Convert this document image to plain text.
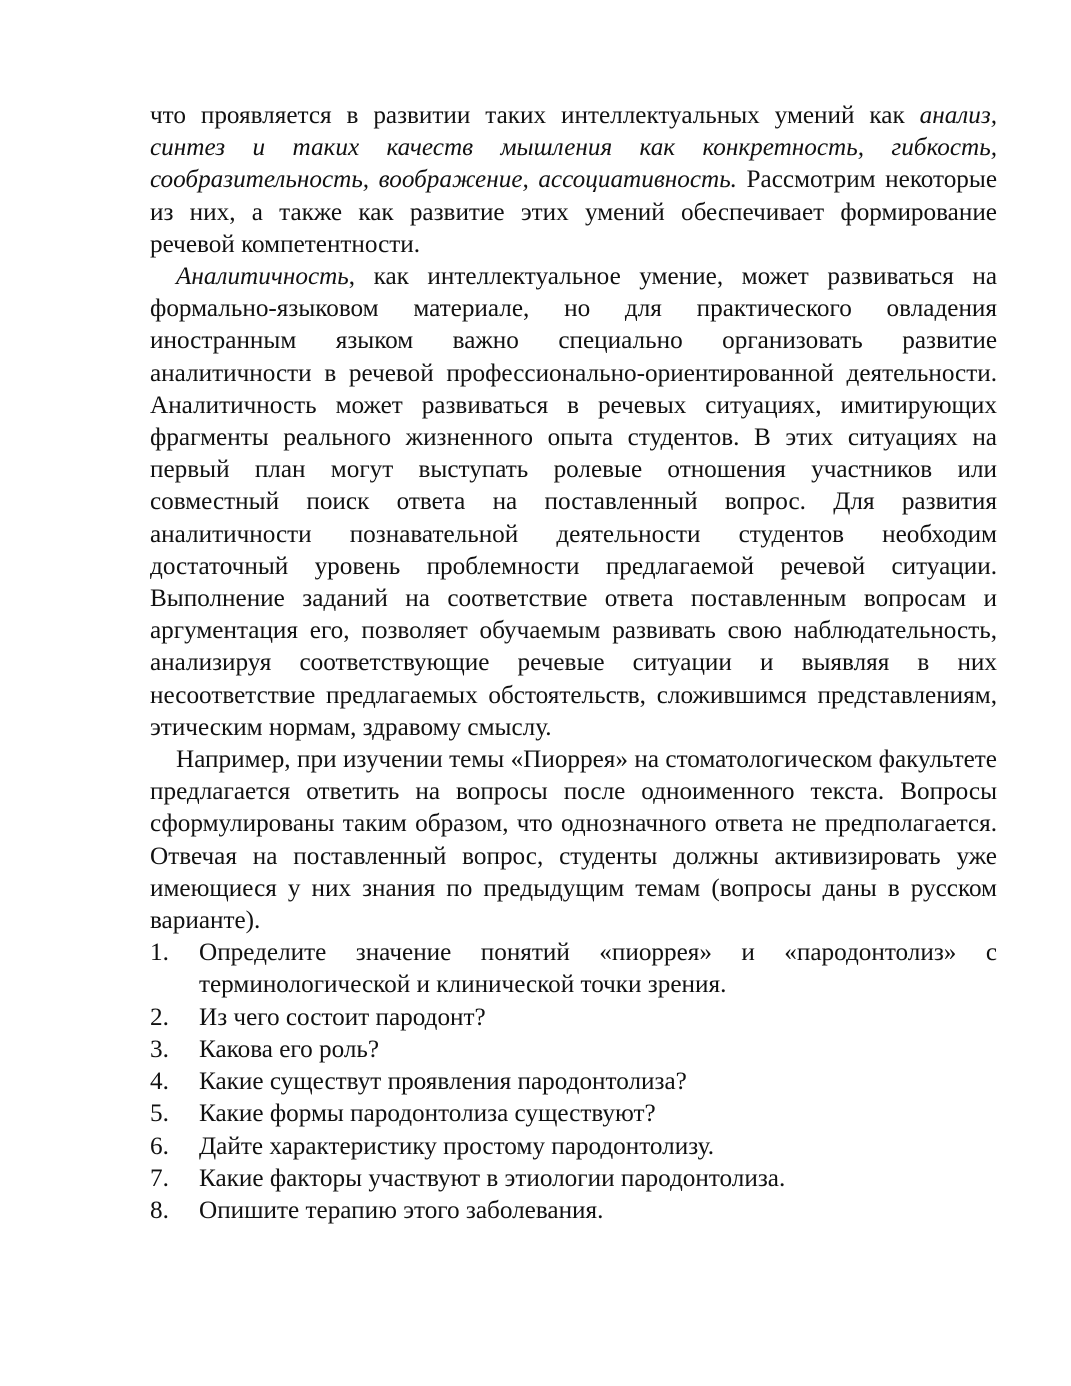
что проявляется в развитии таких интеллектуальных умений как анализ, синтез и таких качеств мышления как конкретность, гибкость, сообразительность, воображение, ассоциативность. Рассмотрим некоторые из них, а также как развитие этих умений обеспечивает формирование речевой компетентности.

Аналитичность, как интеллектуальное умение, может развиваться на формально-языковом материале, но для практического овладения иностранным языком важно специально организовать развитие аналитичности в речевой профессионально-ориентированной деятельности. Аналитичность может развиваться в речевых ситуациях, имитирующих фрагменты реального жизненного опыта студентов. В этих ситуациях на первый план могут выступать ролевые отношения участников или совместный поиск ответа на поставленный вопрос. Для развития аналитичности познавательной деятельности студентов необходим достаточный уровень проблемности предлагаемой речевой ситуации. Выполнение заданий на соответствие ответа поставленным вопросам и аргументация его, позволяет обучаемым развивать свою наблюдательность, анализируя соответствующие речевые ситуации и выявляя в них несоответствие предлагаемых обстоятельств, сложившимся представлениям, этическим нормам, здравому смыслу.

Например, при изучении темы «Пиоррея» на стоматологическом факультете предлагается ответить на вопросы после одноименного текста. Вопросы сформулированы таким образом, что однозначного ответа не предполагается. Отвечая на поставленный вопрос, студенты должны активизировать уже имеющиеся у них знания по предыдущим темам (вопросы даны в русском варианте).

1. Определите значение понятий «пиоррея» и «пародонтолиз» с терминологической и клинической точки зрения.
2. Из чего состоит пародонт?
3. Какова его роль?
4. Какие существут проявления пародонтолиза?
5. Какие формы пародонтолиза существуют?
6. Дайте характеристику простому пародонтолизу.
7. Какие факторы участвуют в этиологии пародонтолиза.
8. Опишите терапию этого заболевания.
